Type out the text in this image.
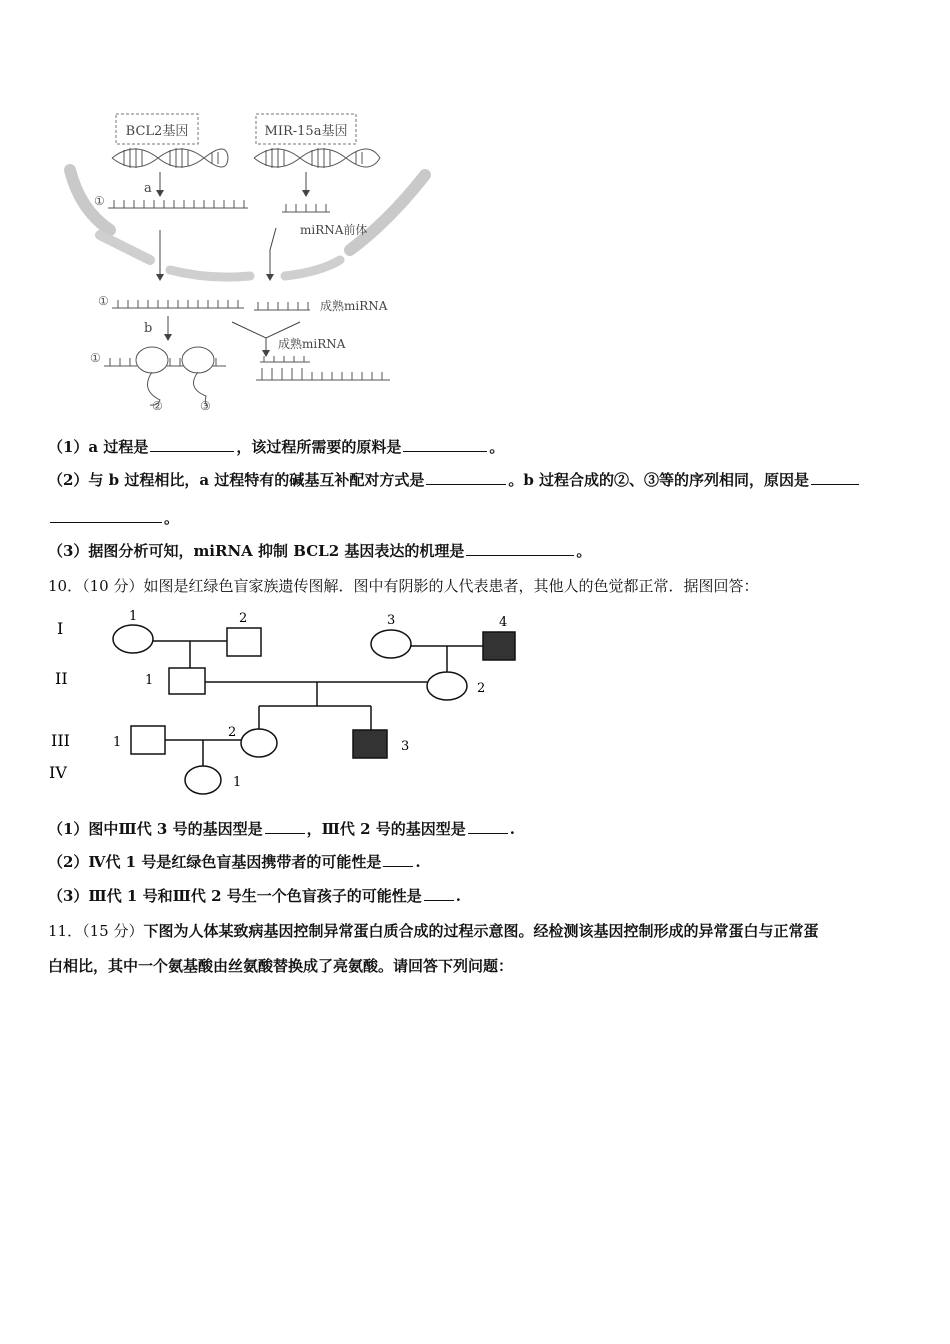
BCL2基因	MIR-15a基因
a
①
miRNA前体
①	成熟miRNA
b
成熟miRNA
①
②	③
（1）a 过程是	，该过程所需要的原料是	。
（2）与 b 过程相比，a 过程特有的碱基互补配对方式是	。b 过程合成的②、③等的序列相同，原因是
。
（3）据图分析可知，miRNA 抑制 BCL2 基因表达的机理是	。
10．（10 分）如图是红绿色盲家族遗传图解．图中有阴影的人代表患者，其他人的色觉都正常．据图回答：
I
II
III
IV
1	2	3	4
1
2
1
2
3
1
（1）图中Ⅲ代 3 号的基因型是	，Ⅲ代 2 号的基因型是	.
（2）Ⅳ代 1 号是红绿色盲基因携带者的可能性是 .
（3）Ⅲ代 1 号和Ⅲ代 2 号生一个色盲孩子的可能性是 .
11．（15 分）下图为人体某致病基因控制异常蛋白质合成的过程示意图。经检测该基因控制形成的异常蛋白与正常蛋
白相比，其中一个氨基酸由丝氨酸替换成了亮氨酸。请回答下列问题：
